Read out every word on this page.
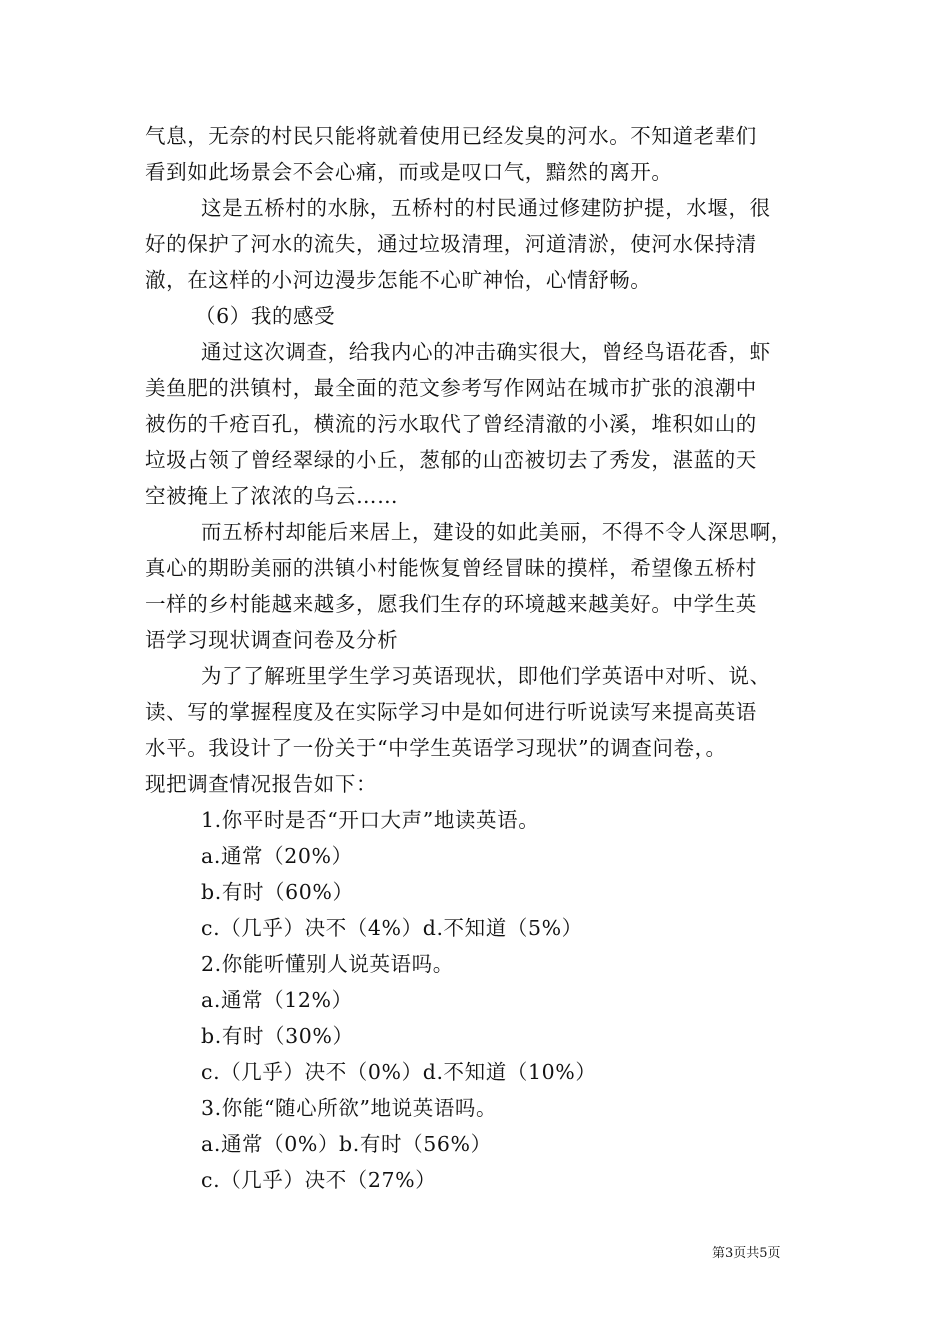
气息，无奈的村民只能将就着使用已经发臭的河水。不知道老辈们
看到如此场景会不会心痛，而或是叹口气，黯然的离开。
这是五桥村的水脉，五桥村的村民通过修建防护提，水堰，很
好的保护了河水的流失，通过垃圾清理，河道清淤，使河水保持清
澈，在这样的小河边漫步怎能不心旷神怡，心情舒畅。
（6）我的感受
通过这次调查，给我内心的冲击确实很大，曾经鸟语花香，虾
美鱼肥的洪镇村，最全面的范文参考写作网站在城市扩张的浪潮中
被伤的千疮百孔，横流的污水取代了曾经清澈的小溪，堆积如山的
垃圾占领了曾经翠绿的小丘，葱郁的山峦被切去了秀发，湛蓝的天
空被掩上了浓浓的乌云……
而五桥村却能后来居上，建设的如此美丽，不得不令人深思啊，
真心的期盼美丽的洪镇小村能恢复曾经冒昧的摸样，希望像五桥村
一样的乡村能越来越多，愿我们生存的环境越来越美好。中学生英
语学习现状调查问卷及分析
为了了解班里学生学习英语现状，即他们学英语中对听、说、
读、写的掌握程度及在实际学习中是如何进行听说读写来提高英语
水平。我设计了一份关于“中学生英语学习现状”的调查问卷，。
现把调查情况报告如下：
1.你平时是否“开口大声”地读英语。
a.通常（20%）
b.有时（60%）
c.（几乎）决不（4%）d.不知道（5%）
2.你能听懂别人说英语吗。
a.通常（12%）
b.有时（30%）
c.（几乎）决不（0%）d.不知道（10%）
3.你能“随心所欲”地说英语吗。
a.通常（0%）b.有时（56%）
c.（几乎）决不（27%）
第3页共5页
